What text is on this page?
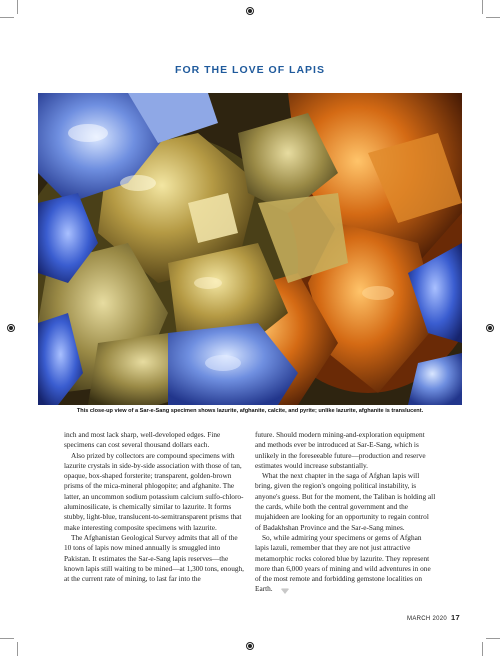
FOR THE LOVE OF LAPIS
This close-up view of a Sar-e-Sang specimen shows lazurite, afghanite, calcite, and pyrite; unlike lazurite, afghanite is translucent.

inch and most lack sharp, well-developed edges. Fine specimens can cost several thousand dollars each.

Also prized by collectors are compound specimens with lazurite crystals in side-by-side association with those of tan, opaque, box-shaped forsterite; transparent, golden-brown prisms of the mica-mineral phlogopite; and afghanite. The latter, an uncommon sodium potassium calcium sulfo-chloro-aluminosilicate, is chemically similar to lazurite. It forms stubby, light-blue, translucent-to-semitransparent prisms that make interesting composite specimens with lazurite.

The Afghanistan Geological Survey admits that all of the 10 tons of lapis now mined annually is smuggled into Pakistan. It estimates the Sar-e-Sang lapis reserves—the known lapis still waiting to be mined—at 1,300 tons, enough, at the current rate of mining, to last far into the

future. Should modern mining-and-exploration equipment and methods ever be introduced at Sar-E-Sang, which is unlikely in the foreseeable future—production and reserve estimates would increase substantially.

What the next chapter in the saga of Afghan lapis will bring, given the region's ongoing political instability, is anyone's guess. But for the moment, the Taliban is holding all the cards, while both the central government and the mujahideen are looking for an opportunity to regain control of Badakhshan Province and the Sar-e-Sang mines.

So, while admiring your specimens or gems of Afghan lapis lazuli, remember that they are not just attractive metamorphic rocks colored blue by lazurite. They represent more than 6,000 years of mining and wild adventures in one of the most remote and forbidding gemstone localities on Earth.

MARCH 2020 17
